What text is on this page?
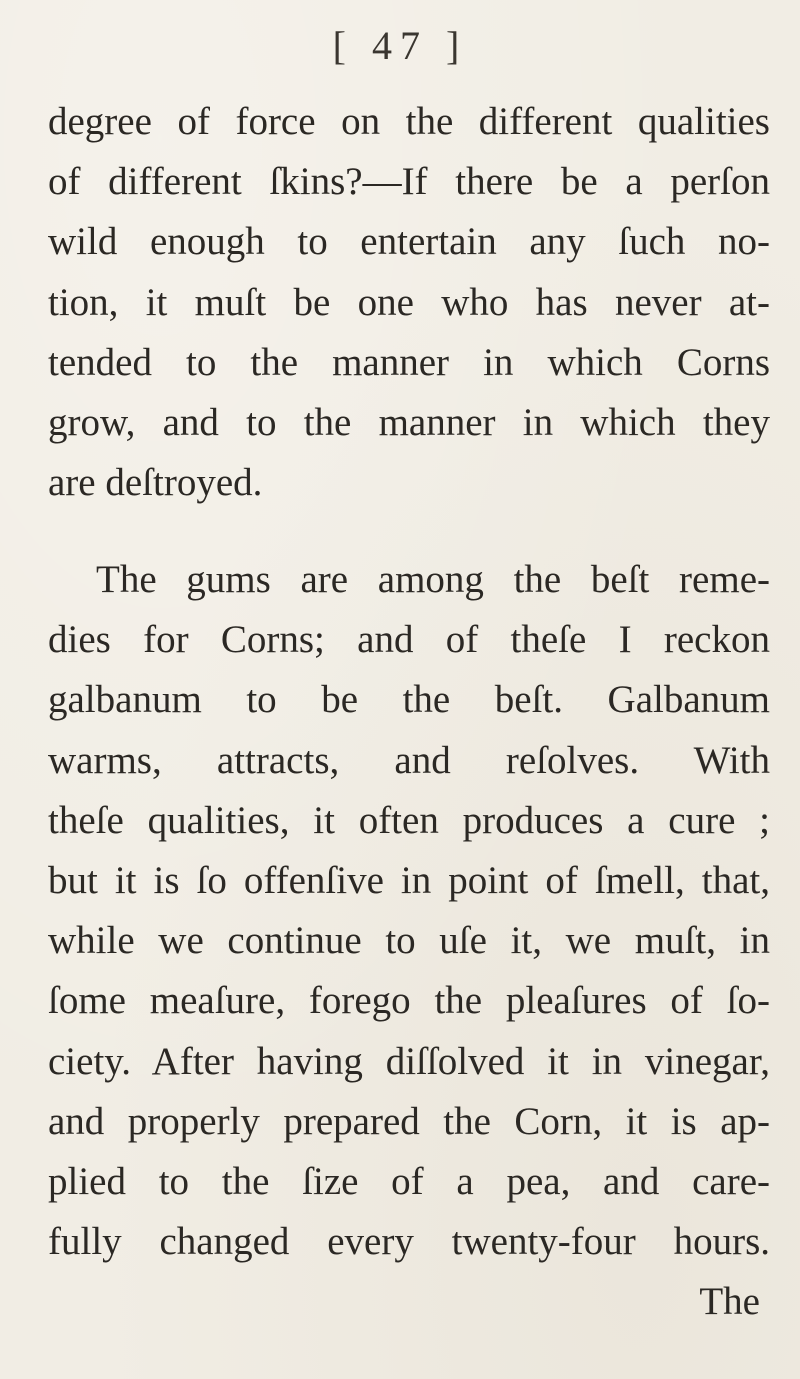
[ 47 ]
degree of force on the different qualities
of different ſkins?—If there be a perſon
wild enough to entertain any ſuch no-
tion, it muſt be one who has never at-
tended to the manner in which Corns
grow, and to the manner in which they
are deſtroyed.
The gums are among the beſt reme-
dies for Corns; and of theſe I reckon
galbanum to be the beſt. Galbanum
warms, attracts, and reſolves. With
theſe qualities, it often produces a cure ;
but it is ſo offenſive in point of ſmell, that,
while we continue to uſe it, we muſt, in
ſome meaſure, forego the pleaſures of ſo-
ciety. After having diſſolved it in vinegar,
and properly prepared the Corn, it is ap-
plied to the ſize of a pea, and care-
fully changed every twenty-four hours.
The
